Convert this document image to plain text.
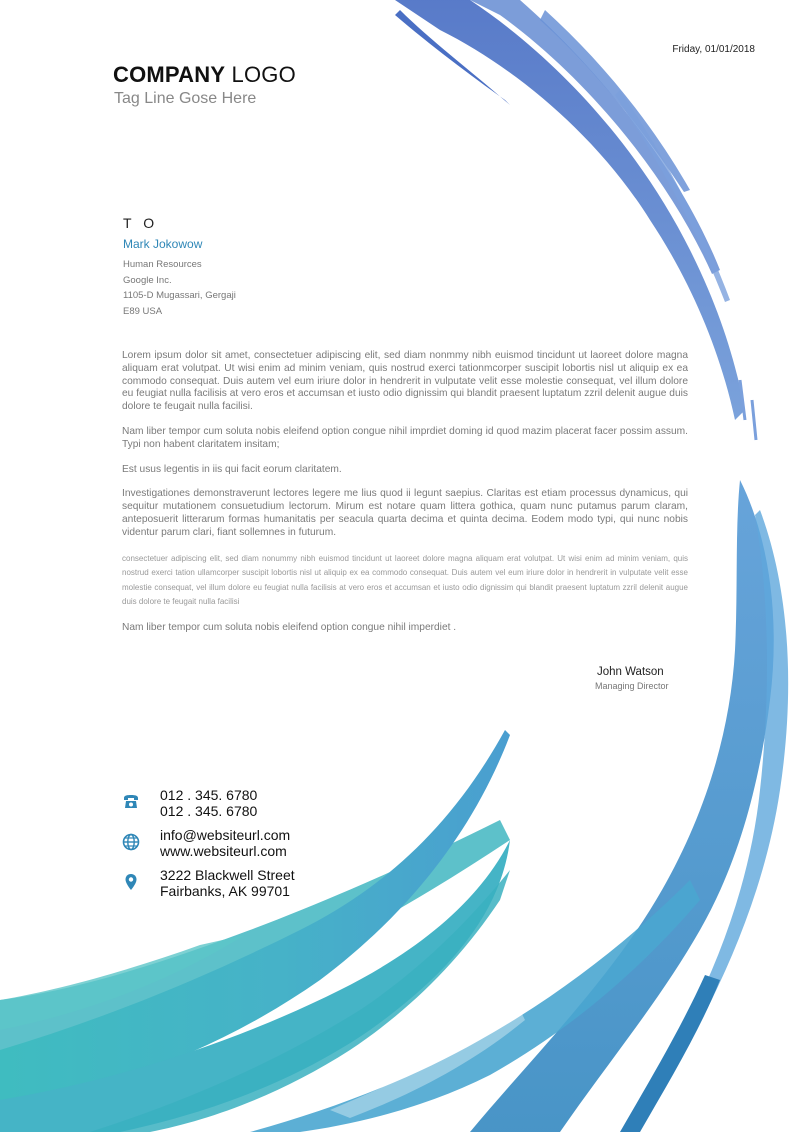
Friday, 01/01/2018
COMPANY LOGO
Tag Line Gose Here
T O
Mark Jokowow
Human Resources
Google Inc.
1105-D Mugassari, Gergaji
E89 USA

Lorem ipsum dolor sit amet, consectetuer adipiscing elit, sed diam nonmmy nibh euismod tincidunt ut laoreet dolore magna aliquam erat volutpat. Ut wisi enim ad minim veniam, quis nostrud exerci tationmcorper suscipit lobortis nisl ut aliquip ex ea commodo consequat. Duis autem vel eum iriure dolor in hendrerit in vulputate velit esse molestie consequat, vel illum dolore eu feugiat nulla facilisis at vero eros et accumsan et iusto odio dignissim qui blandit praesent luptatum zzril delenit augue duis dolore te feugait nulla facilisi.

Nam liber tempor cum soluta nobis eleifend option congue nihil imprdiet doming id quod mazim placerat facer possim assum. Typi non habent claritatem insitam;

Est usus legentis in iis qui facit eorum claritatem.

Investigationes demonstraverunt lectores legere me lius quod ii legunt saepius. Claritas est etiam processus dynamicus, qui sequitur mutationem consuetudium lectorum. Mirum est notare quam littera gothica, quam nunc putamus parum claram, anteposuerit litterarum formas humanitatis per seacula quarta decima et quinta decima. Eodem modo typi, qui nunc nobis videntur parum clari, fiant sollemnes in futurum.

consectetuer adipiscing elit, sed diam nonummy nibh euismod tincidunt ut laoreet dolore magna aliquam erat volutpat. Ut wisi enim ad minim veniam, quis nostrud exerci tation ullamcorper suscipit lobortis nisl ut aliquip ex ea commodo consequat. Duis autem vel eum iriure dolor in hendrerit in vulputate velit esse molestie consequat, vel illum dolore eu feugiat nulla facilisis at vero eros et accumsan et iusto odio dignissim qui blandit praesent luptatum zzril delenit augue duis dolore te feugait nulla facilisi

Nam liber tempor cum soluta nobis eleifend option congue nihil imperdiet .

John Watson
Managing Director
012 . 345. 6780
012 . 345. 6780
info@websiteurl.com
www.websiteurl.com
3222 Blackwell Street
Fairbanks, AK 99701
